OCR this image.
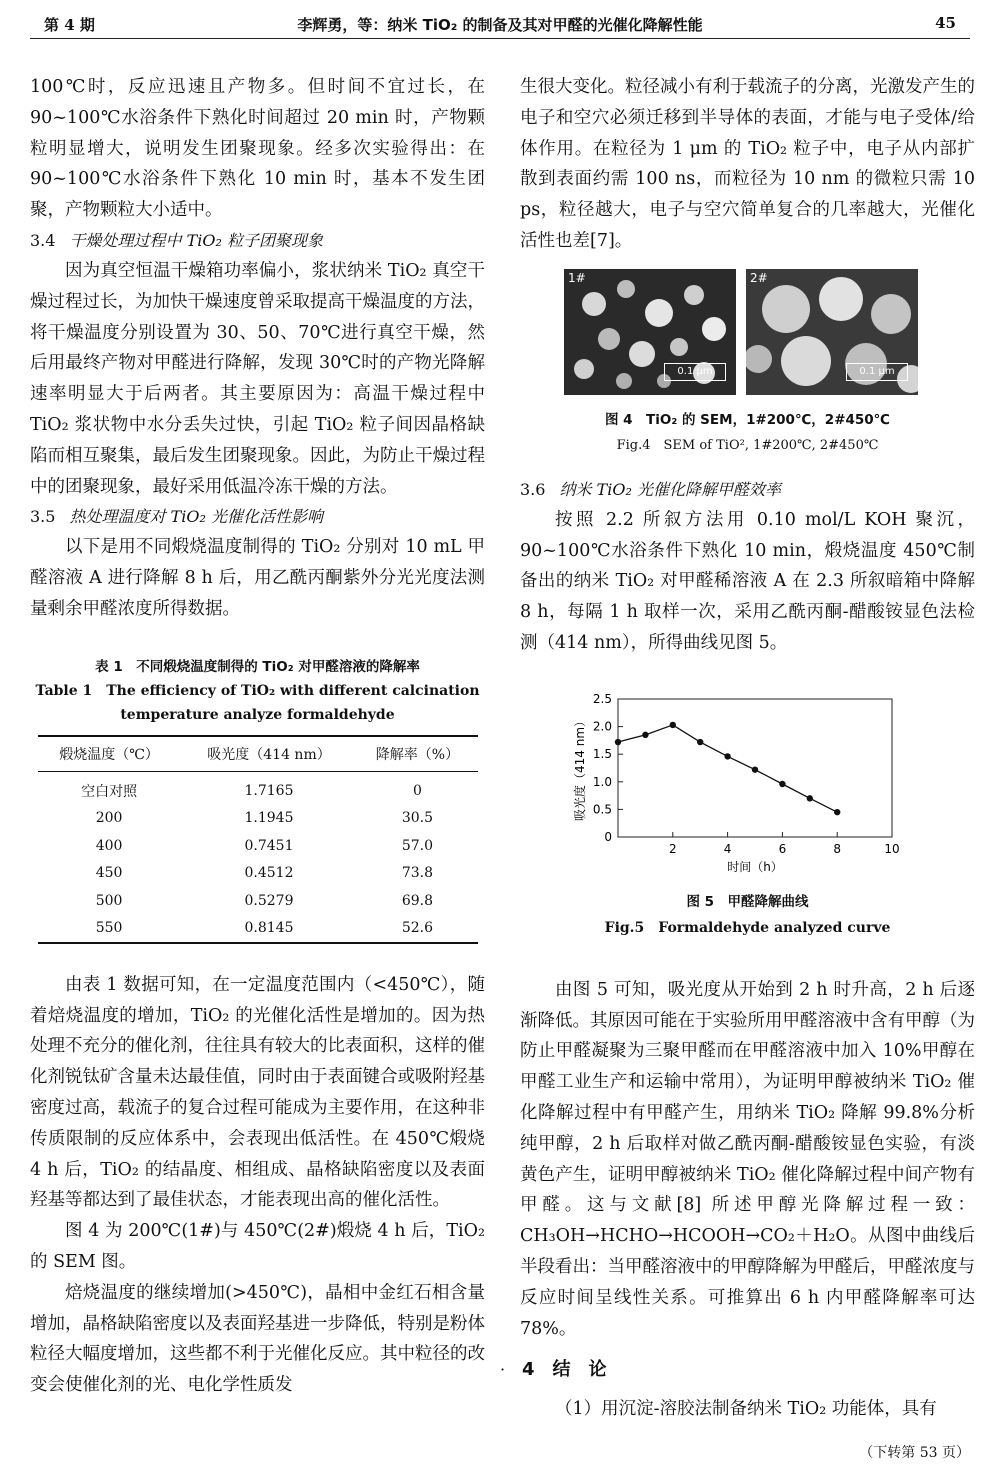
第 4 期	李辉勇，等：纳米 TiO₂ 的制备及其对甲醛的光催化降解性能	45

100℃时，反应迅速且产物多。但时间不宜过长，在90~100℃水浴条件下熟化时间超过 20 min 时，产物颗粒明显增大，说明发生团聚现象。经多次实验得出：在 90~100℃水浴条件下熟化 10 min 时，基本不发生团聚，产物颗粒大小适中。

3.4 干燥处理过程中 TiO₂ 粒子团聚现象

因为真空恒温干燥箱功率偏小，浆状纳米 TiO₂ 真空干燥过程过长，为加快干燥速度曾采取提高干燥温度的方法，将干燥温度分别设置为 30、50、70℃进行真空干燥，然后用最终产物对甲醛进行降解，发现 30℃时的产物光降解速率明显大于后两者。其主要原因为：高温干燥过程中 TiO₂ 浆状物中水分丢失过快，引起 TiO₂ 粒子间因晶格缺陷而相互聚集，最后发生团聚现象。因此，为防止干燥过程中的团聚现象，最好采用低温冷冻干燥的方法。

3.5 热处理温度对 TiO₂ 光催化活性影响

以下是用不同煅烧温度制得的 TiO₂ 分别对 10 mL 甲醛溶液 A 进行降解 8 h 后，用乙酰丙酮紫外分光光度法测量剩余甲醛浓度所得数据。

表 1　不同煅烧温度制得的 TiO₂ 对甲醛溶液的降解率
Table 1　The efficiency of TiO₂ with different calcination
temperature analyze formaldehyde
煅烧温度（℃）	吸光度（414 nm）	降解率（%）
空白对照	1.7165	0
200	1.1945	30.5
400	0.7451	57.0
450	0.4512	73.8
500	0.5279	69.8
550	0.8145	52.6

由表 1 数据可知，在一定温度范围内（<450℃），随着焙烧温度的增加，TiO₂ 的光催化活性是增加的。因为热处理不充分的催化剂，往往具有较大的比表面积，这样的催化剂锐钛矿含量未达最佳值，同时由于表面键合或吸附羟基密度过高，载流子的复合过程可能成为主要作用，在这种非传质限制的反应体系中，会表现出低活性。在 450℃煅烧 4 h 后，TiO₂ 的结晶度、相组成、晶格缺陷密度以及表面羟基等都达到了最佳状态，才能表现出高的催化活性。

图 4 为 200℃(1#)与 450℃(2#)煅烧 4 h 后，TiO₂ 的 SEM 图。

焙烧温度的继续增加(>450℃)，晶相中金红石相含量增加，晶格缺陷密度以及表面羟基进一步降低，特别是粉体粒径大幅度增加，这些都不利于光催化反应。其中粒径的改变会使催化剂的光、电化学性质发

生很大变化。粒径减小有利于载流子的分离，光激发产生的电子和空穴必须迁移到半导体的表面，才能与电子受体/给体作用。在粒径为 1 μm 的 TiO₂ 粒子中，电子从内部扩散到表面约需 100 ns，而粒径为 10 nm 的微粒只需 10 ps，粒径越大，电子与空穴简单复合的几率越大，光催化活性也差[7]。

1#
0.1 μm
2#
0.1 μm
图 4　TiO₂ 的 SEM，1#200℃，2#450℃
Fig.4　SEM of TiO², 1#200℃, 2#450℃
3.6 纳米 TiO₂ 光催化降解甲醛效率

按照 2.2 所叙方法用 0.10 mol/L KOH 聚沉，90~100℃水浴条件下熟化 10 min，煅烧温度 450℃制备出的纳米 TiO₂ 对甲醛稀溶液 A 在 2.3 所叙暗箱中降解 8 h，每隔 1 h 取样一次，采用乙酰丙酮-醋酸铵显色法检测（414 nm），所得曲线见图 5。

0
0.5
1.0
1.5
2.0
2.5
2	4	6	8	10
时间（h）
吸光度（414 nm）
图 5　甲醛降解曲线
Fig.5　Formaldehyde analyzed curve

由图 5 可知，吸光度从开始到 2 h 时升高，2 h 后逐渐降低。其原因可能在于实验所用甲醛溶液中含有甲醇（为防止甲醛凝聚为三聚甲醛而在甲醛溶液中加入 10%甲醇在甲醛工业生产和运输中常用），为证明甲醇被纳米 TiO₂ 催化降解过程中有甲醛产生，用纳米 TiO₂ 降解 99.8%分析纯甲醇，2 h 后取样对做乙酰丙酮-醋酸铵显色实验，有淡黄色产生，证明甲醇被纳米 TiO₂ 催化降解过程中间产物有甲醛。这与文献[8] 所述甲醇光降解过程一致：CH₃OH→HCHO→HCOOH→CO₂＋H₂O。从图中曲线后半段看出：当甲醛溶液中的甲醇降解为甲醛后，甲醛浓度与反应时间呈线性关系。可推算出 6 h 内甲醛降解率可达 78%。

4　 结　论

（1）用沉淀-溶胶法制备纳米 TiO₂ 功能体，具有

·
（下转第 53 页）
